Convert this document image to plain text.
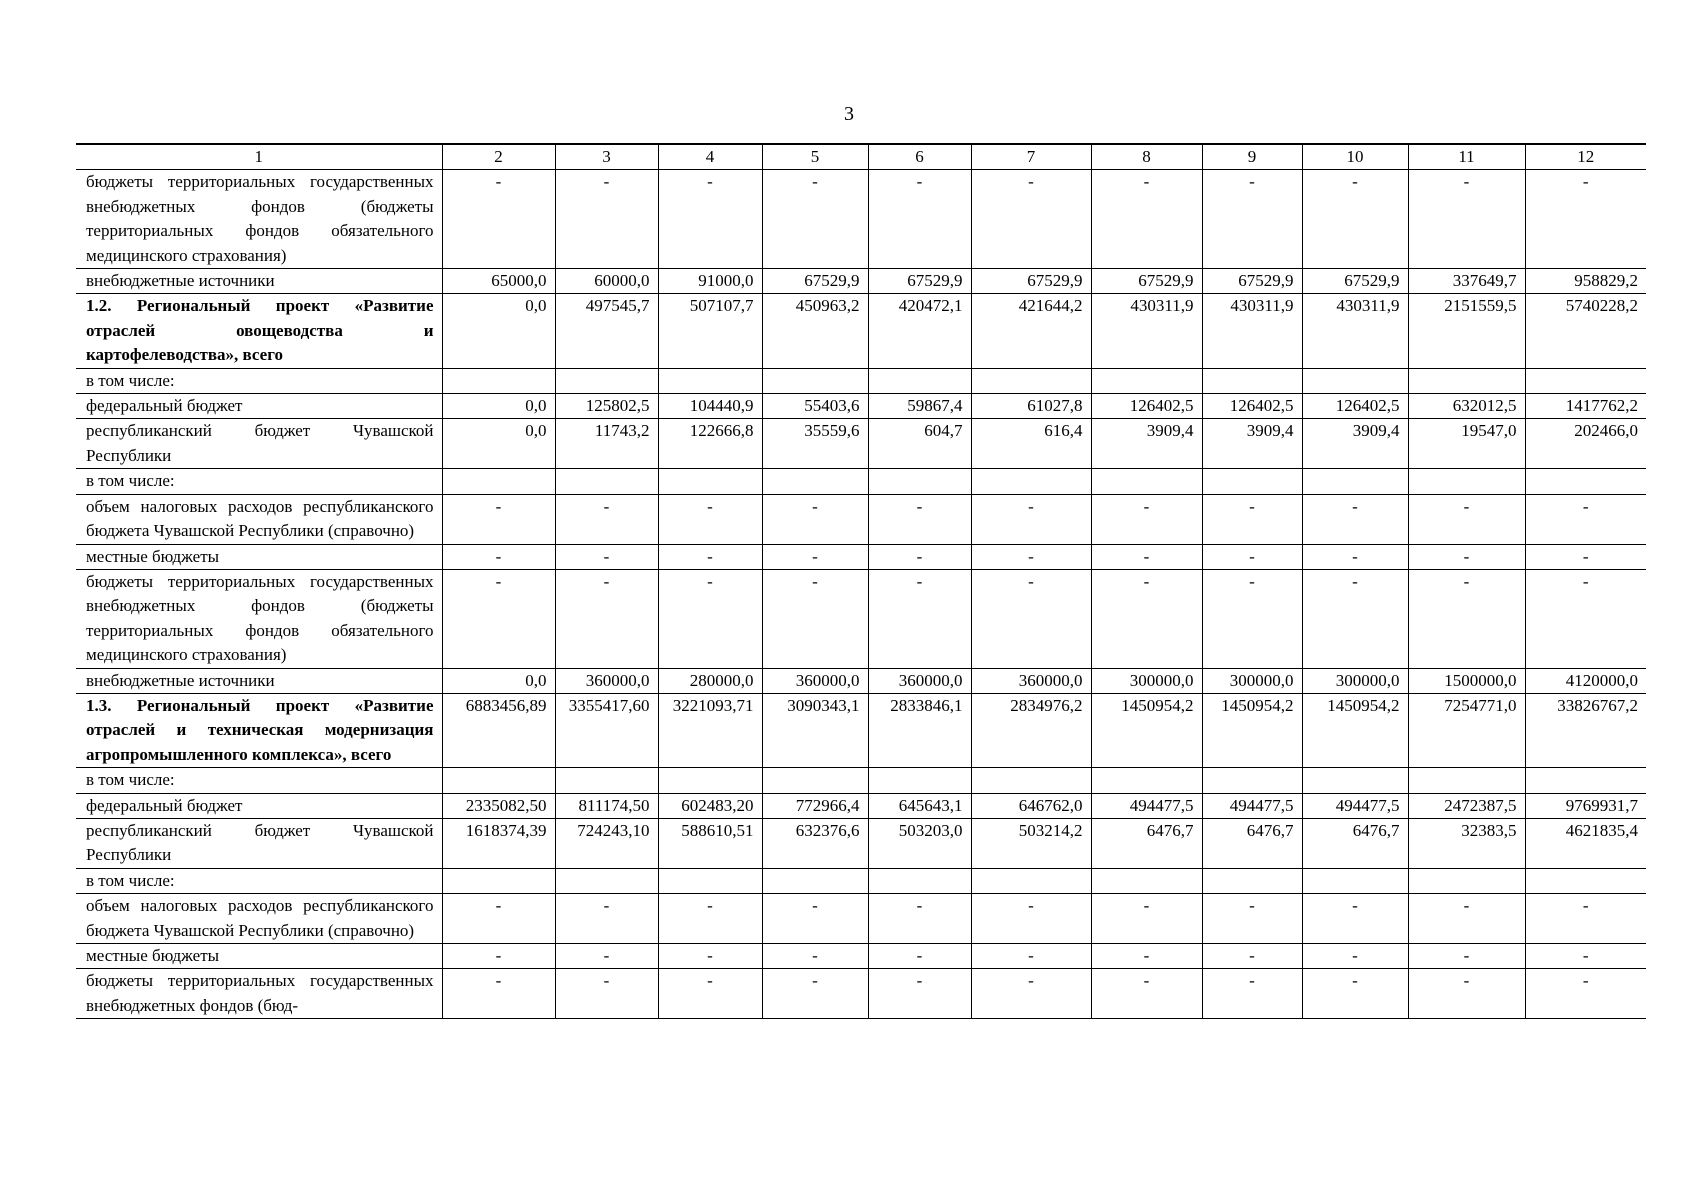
3
1	2	3	4	5	6	7	8	9	10	11	12
бюджеты территориальных государственных внебюджетных фондов (бюджеты территориальных фондов обязательного медицинского страхования)	-	-	-	-	-	-	-	-	-	-	-
внебюджетные источники	65000,0	60000,0	91000,0	67529,9	67529,9	67529,9	67529,9	67529,9	67529,9	337649,7	958829,2
1.2. Региональный проект «Развитие отраслей овощеводства и картофелеводства», всего	0,0	497545,7	507107,7	450963,2	420472,1	421644,2	430311,9	430311,9	430311,9	2151559,5	5740228,2
в том числе:											
федеральный бюджет	0,0	125802,5	104440,9	55403,6	59867,4	61027,8	126402,5	126402,5	126402,5	632012,5	1417762,2
республиканский бюджет Чувашской Республики	0,0	11743,2	122666,8	35559,6	604,7	616,4	3909,4	3909,4	3909,4	19547,0	202466,0
в том числе:											
объем налоговых расходов республиканского бюджета Чувашской Республики (справочно)	-	-	-	-	-	-	-	-	-	-	-
местные бюджеты	-	-	-	-	-	-	-	-	-	-	-
бюджеты территориальных государственных внебюджетных фондов (бюджеты территориальных фондов обязательного медицинского страхования)	-	-	-	-	-	-	-	-	-	-	-
внебюджетные источники	0,0	360000,0	280000,0	360000,0	360000,0	360000,0	300000,0	300000,0	300000,0	1500000,0	4120000,0
1.3. Региональный проект «Развитие отраслей и техническая модернизация агропромышленного комплекса», всего	6883456,89	3355417,60	3221093,71	3090343,1	2833846,1	2834976,2	1450954,2	1450954,2	1450954,2	7254771,0	33826767,2
в том числе:											
федеральный бюджет	2335082,50	811174,50	602483,20	772966,4	645643,1	646762,0	494477,5	494477,5	494477,5	2472387,5	9769931,7
республиканский бюджет Чувашской Республики	1618374,39	724243,10	588610,51	632376,6	503203,0	503214,2	6476,7	6476,7	6476,7	32383,5	4621835,4
в том числе:											
объем налоговых расходов республиканского бюджета Чувашской Республики (справочно)	-	-	-	-	-	-	-	-	-	-	-
местные бюджеты	-	-	-	-	-	-	-	-	-	-	-
бюджеты территориальных государственных внебюджетных фондов (бюд-	-	-	-	-	-	-	-	-	-	-	-
